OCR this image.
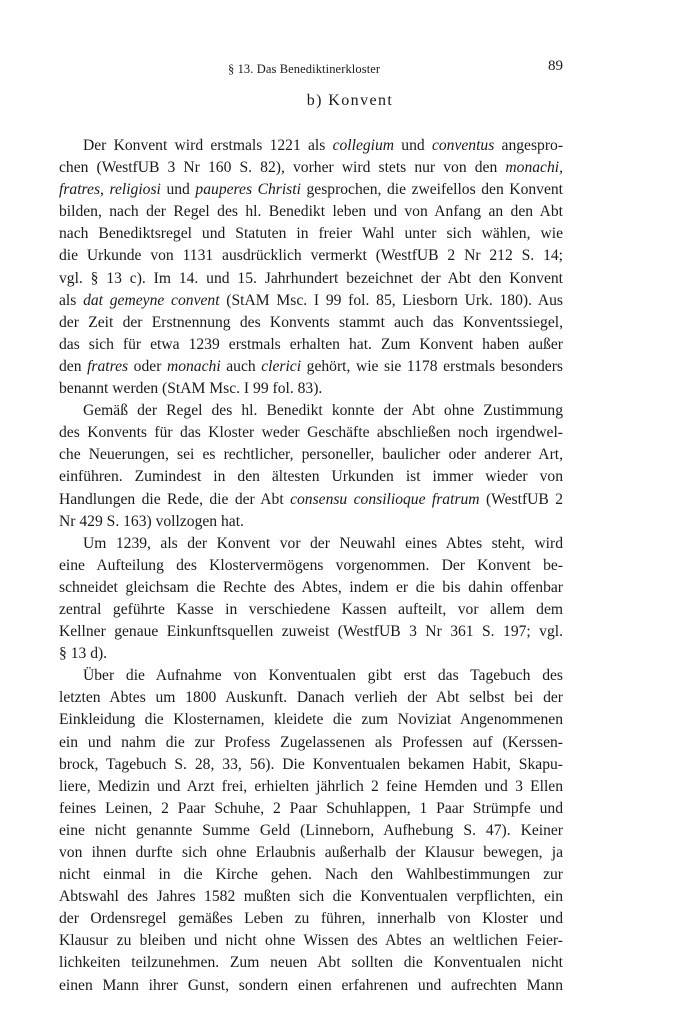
§ 13. Das Benediktinerkloster	89
b) Konvent
Der Konvent wird erstmals 1221 als collegium und conventus angespro-
chen (WestfUB 3 Nr 160 S. 82), vorher wird stets nur von den monachi,
fratres, religiosi und pauperes Christi gesprochen, die zweifellos den Konvent
bilden, nach der Regel des hl. Benedikt leben und von Anfang an den Abt
nach Benediktsregel und Statuten in freier Wahl unter sich wählen, wie
die Urkunde von 1131 ausdrücklich vermerkt (WestfUB 2 Nr 212 S. 14;
vgl. § 13 c). Im 14. und 15. Jahrhundert bezeichnet der Abt den Konvent
als dat gemeyne convent (StAM Msc. I 99 fol. 85, Liesborn Urk. 180). Aus
der Zeit der Erstnennung des Konvents stammt auch das Konventssiegel,
das sich für etwa 1239 erstmals erhalten hat. Zum Konvent haben außer
den fratres oder monachi auch clerici gehört, wie sie 1178 erstmals besonders
benannt werden (StAM Msc. I 99 fol. 83).
Gemäß der Regel des hl. Benedikt konnte der Abt ohne Zustimmung
des Konvents für das Kloster weder Geschäfte abschließen noch irgendwel-
che Neuerungen, sei es rechtlicher, personeller, baulicher oder anderer Art,
einführen. Zumindest in den ältesten Urkunden ist immer wieder von
Handlungen die Rede, die der Abt consensu consilioque fratrum (WestfUB 2
Nr 429 S. 163) vollzogen hat.
Um 1239, als der Konvent vor der Neuwahl eines Abtes steht, wird
eine Aufteilung des Klostervermögens vorgenommen. Der Konvent be-
schneidet gleichsam die Rechte des Abtes, indem er die bis dahin offenbar
zentral geführte Kasse in verschiedene Kassen aufteilt, vor allem dem
Kellner genaue Einkunftsquellen zuweist (WestfUB 3 Nr 361 S. 197; vgl.
§ 13 d).
Über die Aufnahme von Konventualen gibt erst das Tagebuch des
letzten Abtes um 1800 Auskunft. Danach verlieh der Abt selbst bei der
Einkleidung die Klosternamen, kleidete die zum Noviziat Angenommenen
ein und nahm die zur Profess Zugelassenen als Professen auf (Kerssen-
brock, Tagebuch S. 28, 33, 56). Die Konventualen bekamen Habit, Skapu-
liere, Medizin und Arzt frei, erhielten jährlich 2 feine Hemden und 3 Ellen
feines Leinen, 2 Paar Schuhe, 2 Paar Schuhlappen, 1 Paar Strümpfe und
eine nicht genannte Summe Geld (Linneborn, Aufhebung S. 47). Keiner
von ihnen durfte sich ohne Erlaubnis außerhalb der Klausur bewegen, ja
nicht einmal in die Kirche gehen. Nach den Wahlbestimmungen zur
Abtswahl des Jahres 1582 mußten sich die Konventualen verpflichten, ein
der Ordensregel gemäßes Leben zu führen, innerhalb von Kloster und
Klausur zu bleiben und nicht ohne Wissen des Abtes an weltlichen Feier-
lichkeiten teilzunehmen. Zum neuen Abt sollten die Konventualen nicht
einen Mann ihrer Gunst, sondern einen erfahrenen und aufrechten Mann
